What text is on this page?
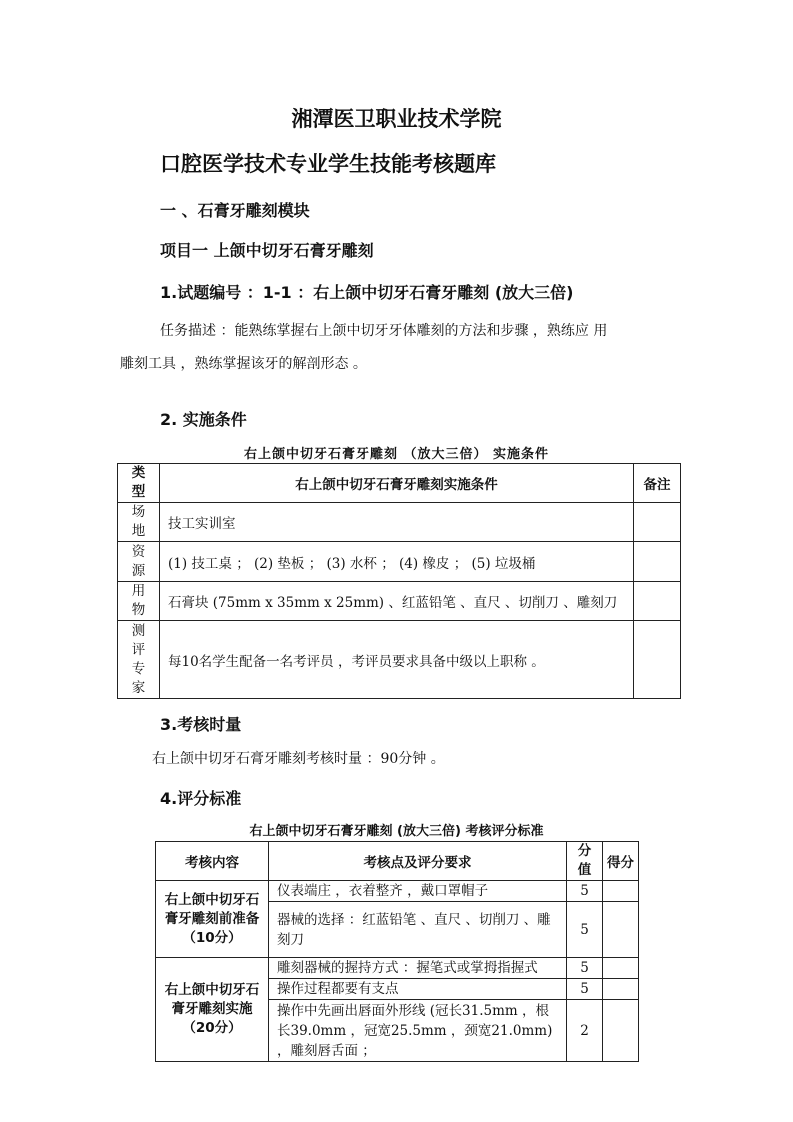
湘潭医卫职业技术学院
口腔医学技术专业学生技能考核题库
一 、石膏牙雕刻模块
项目一 上颌中切牙石膏牙雕刻
1.试题编号 ：1-1 ：右上颌中切牙石膏牙雕刻 (放大三倍)
任务描述 ：能熟练掌握右上颌中切牙牙体雕刻的方法和步骤 ，熟练应 用
雕刻工具 ，熟练掌握该牙的解剖形态 。
2. 实施条件
右上颌中切牙石膏牙雕刻 （放大三倍） 实施条件
类型	右上颌中切牙石膏牙雕刻实施条件	备注

场地	技工实训室	

资源	(1) 技工桌 ； (2) 垫板 ； (3) 水杯 ； (4) 橡皮 ； (5) 垃圾桶	

用物	石膏块 (75mm x 35mm x 25mm) 、红蓝铅笔 、直尺 、切削刀 、雕刻刀	

测评专家	每10名学生配备一名考评员 ，考评员要求具备中级以上职称 。	
3.考核时量
右上颌中切牙石膏牙雕刻考核时量 ：90分钟 。
4.评分标准
右上颌中切牙石膏牙雕刻 (放大三倍) 考核评分标准
考核内容	考核点及评分要求	分值	得分
右上颌中切牙石膏牙雕刻前准备（10分）	仪表端庄 ，衣着整齐 ，戴口罩帽子	5	
	器械的选择 ：红蓝铅笔 、直尺 、切削刀 、雕刻刀	5	
右上颌中切牙石膏牙雕刻实施（20分）	雕刻器械的握持方式 ：握笔式或掌拇指握式	5	
	操作过程都要有支点	5	
	操作中先画出唇面外形线 (冠长31.5mm ，根长39.0mm ，冠宽25.5mm ，颈宽21.0mm) ，雕刻唇舌面 ；	2	
